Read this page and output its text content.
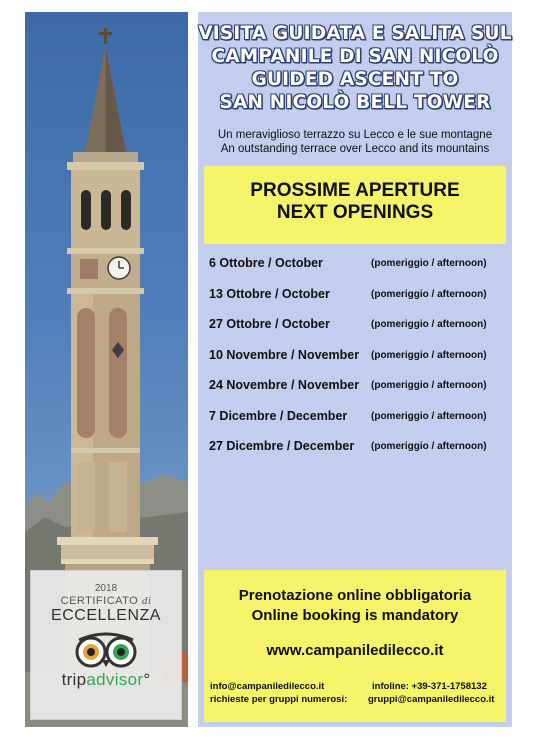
2018
CERTIFICATO di
ECCELLENZA
tripadvisor°
VISITA GUIDATA E SALITA SUL
CAMPANILE DI SAN NICOLÒ
GUIDED ASCENT TO
SAN NICOLÒ BELL TOWER
Un meraviglioso terrazzo su Lecco e le sue montagne
An outstanding terrace over Lecco and its mountains
PROSSIME APERTURE
NEXT OPENINGS
6 Ottobre / October	(pomeriggio / afternoon)
13 Ottobre / October	(pomeriggio / afternoon)
27 Ottobre / October	(pomeriggio / afternoon)
10 Novembre / November (pomeriggio / afternoon)
24 Novembre / November (pomeriggio / afternoon)
7 Dicembre / December (pomeriggio / afternoon)
27 Dicembre / December (pomeriggio / afternoon)
Prenotazione online obbligatoria
Online booking is mandatory
www.campaniledilecco.it
info@campaniledilecco.it	infoline: +39-371-1758132
richieste per gruppi numerosi: gruppi@campaniledilecco.it
